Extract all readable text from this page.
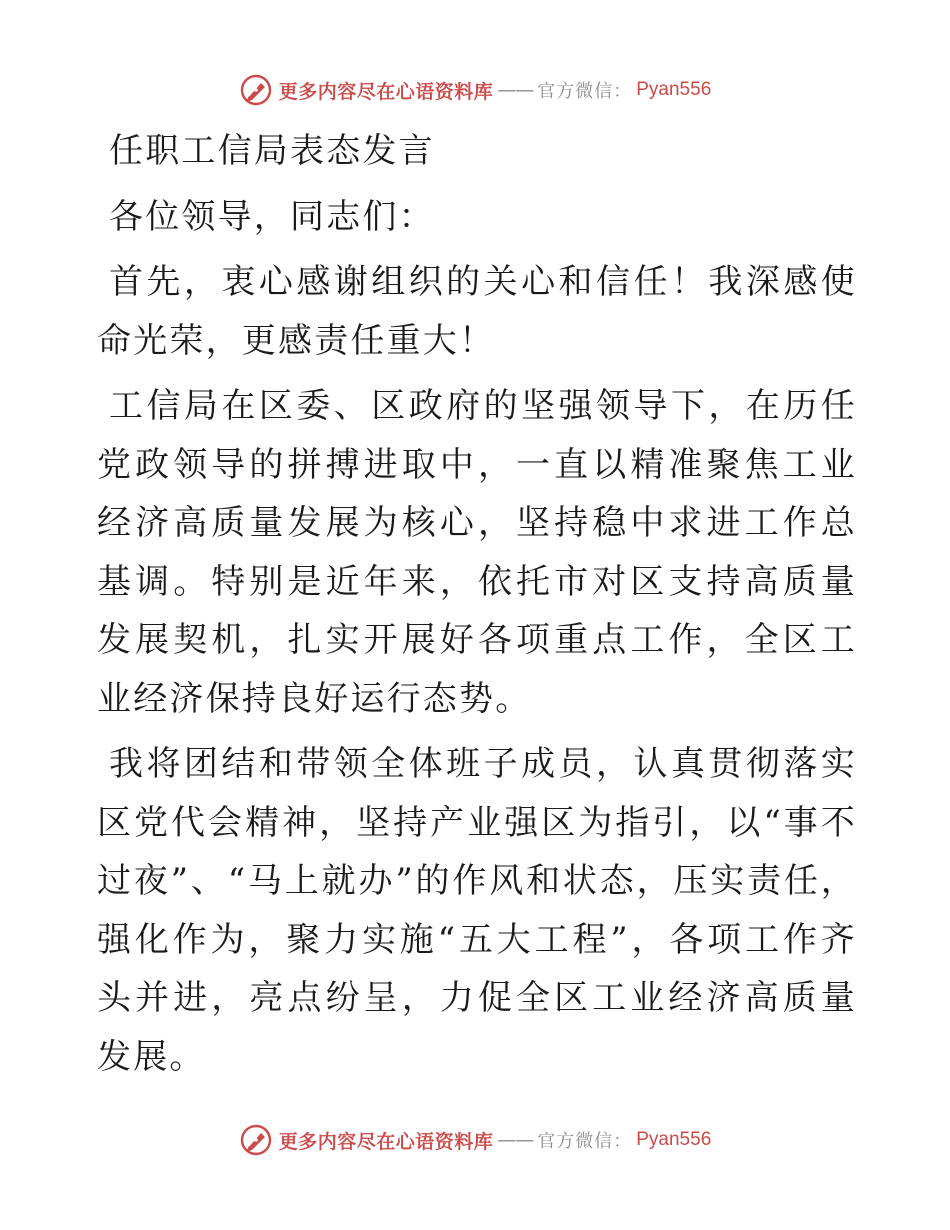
更多内容尽在心语资料库 —— 官方微信： Pyan556

任职工信局表态发言

各位领导，同志们：

首先，衷心感谢组织的关心和信任！我深感使命光荣，更感责任重大！

工信局在区委、区政府的坚强领导下，在历任党政领导的拼搏进取中，一直以精准聚焦工业经济高质量发展为核心，坚持稳中求进工作总基调。特别是近年来，依托市对区支持高质量发展契机，扎实开展好各项重点工作，全区工业经济保持良好运行态势。

我将团结和带领全体班子成员，认真贯彻落实区党代会精神，坚持产业强区为指引，以“事不过夜”、“马上就办”的作风和状态，压实责任，强化作为，聚力实施“五大工程”，各项工作齐头并进，亮点纷呈，力促全区工业经济高质量发展。

更多内容尽在心语资料库 —— 官方微信： Pyan556
